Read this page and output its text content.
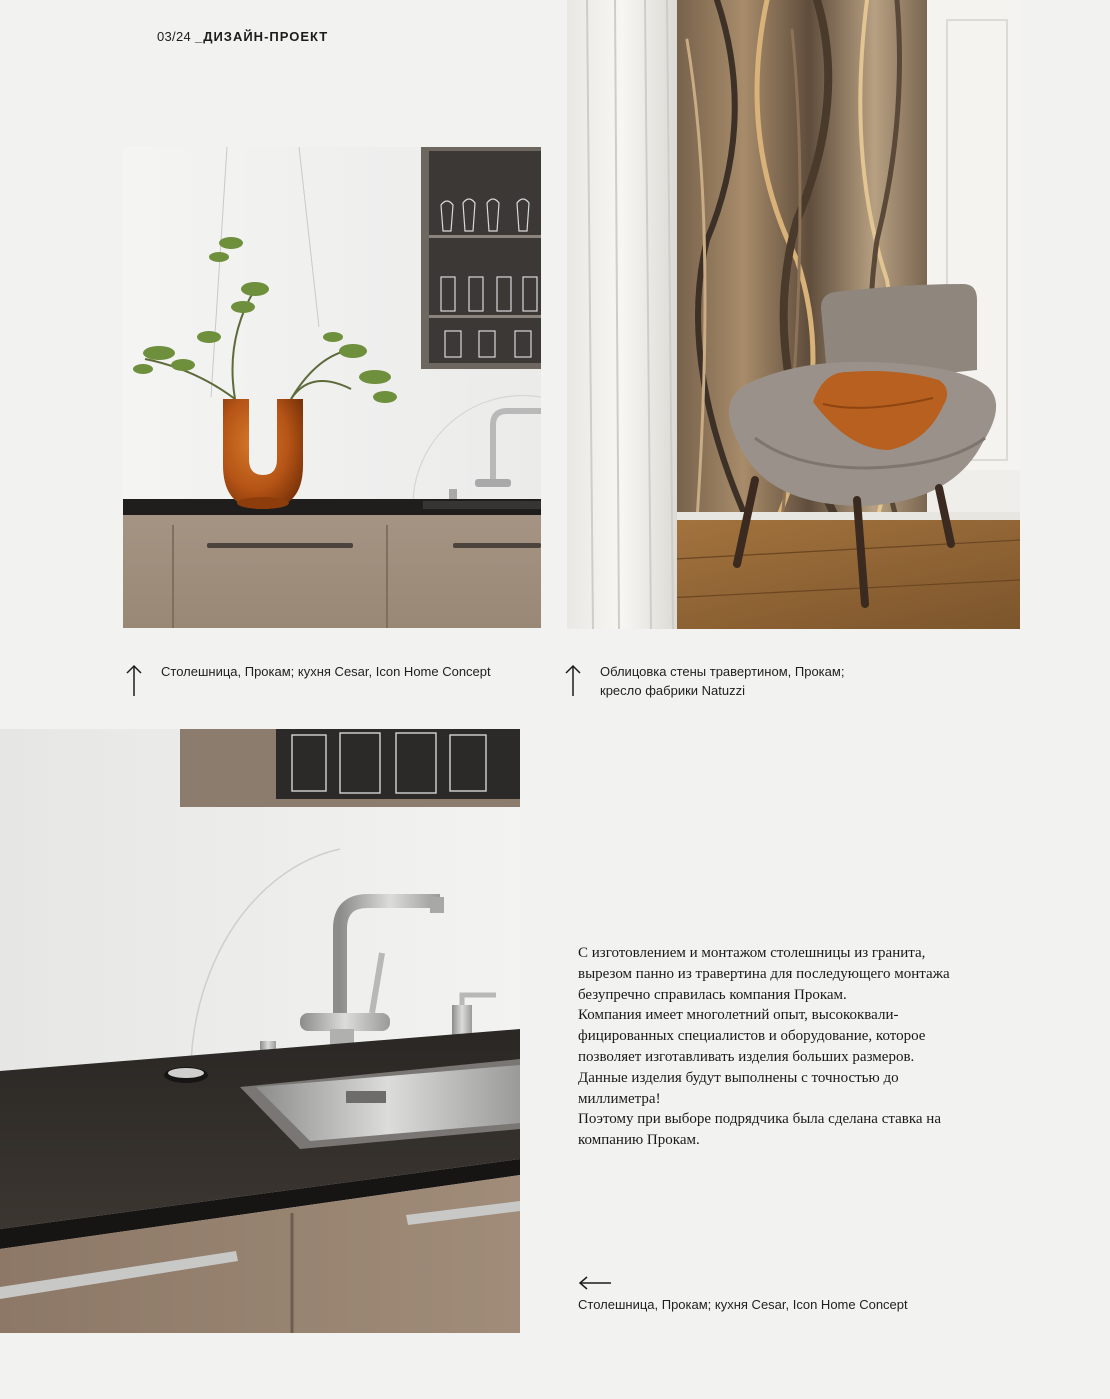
03/24 _ДИЗАЙН-ПРОЕКТ
Столешница, Прокам; кухня Cesar, Icon Home Concept	Облицовка стены травертином, Прокам;
кресло фабрики Natuzzi

С изготовлением и монтажом столешницы из гранита, вырезом панно из травертина для последующего монтажа безупречно справилась компания Прокам.

Компания имеет многолетний опыт, высококвалифицированных специалистов и оборудование, которое позволяет изготавливать изделия больших размеров. Данные изделия будут выполнены с точностью до миллиметра!

Поэтому при выборе подрядчика была сделана ставка на компанию Прокам.

Столешница, Прокам; кухня Cesar, Icon Home Concept
